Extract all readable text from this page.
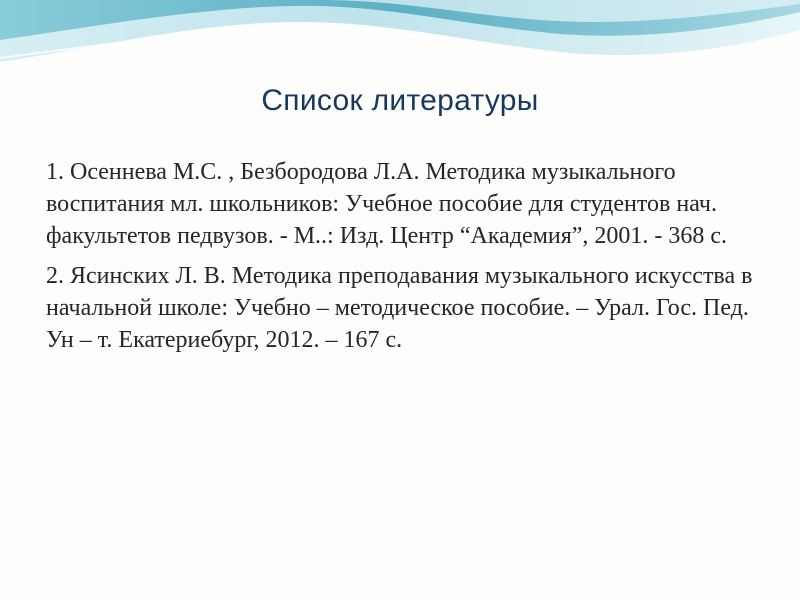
Список литературы

1. Осеннева М.С. , Безбородова Л.А. Методика музыкального воспитания мл. школьников: Учебное пособие для студентов нач. факультетов педвузов. - М..: Изд. Центр “Академия”, 2001. - 368 с.

2. Ясинских Л. В. Методика преподавания музыкального искусства в начальной школе: Учебно – методическое пособие. – Урал. Гос. Пед. Ун – т. Екатериебург, 2012. – 167 с.
